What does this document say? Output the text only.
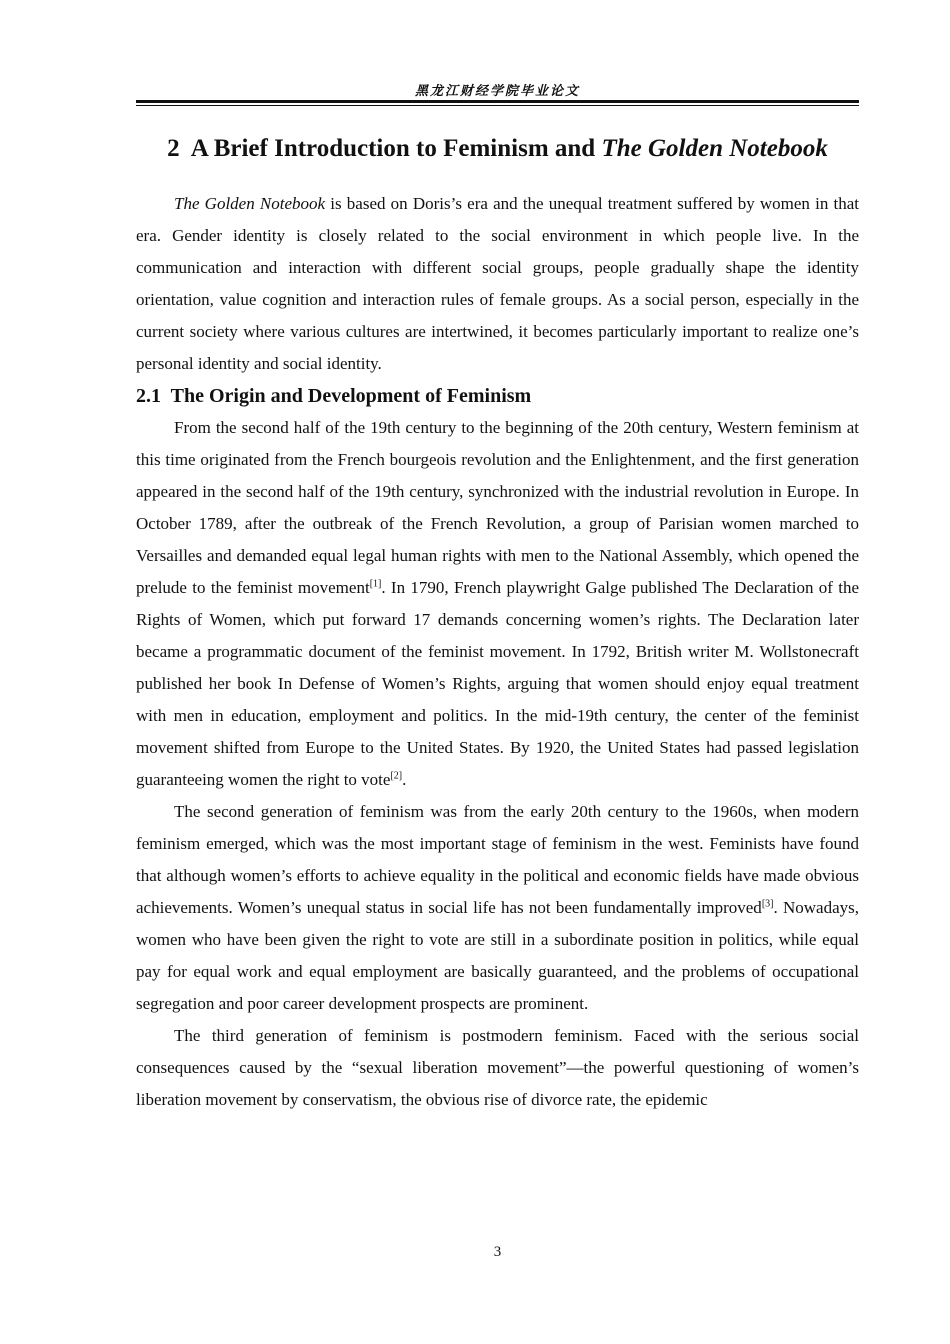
黑龙江财经学院毕业论文
2 A Brief Introduction to Feminism and The Golden Notebook

The Golden Notebook is based on Doris’s era and the unequal treatment suffered by women in that era. Gender identity is closely related to the social environment in which people live. In the communication and interaction with different social groups, people gradually shape the identity orientation, value cognition and interaction rules of female groups. As a social person, especially in the current society where various cultures are intertwined, it becomes particularly important to realize one’s personal identity and social identity.

2.1 The Origin and Development of Feminism

From the second half of the 19th century to the beginning of the 20th century, Western feminism at this time originated from the French bourgeois revolution and the Enlightenment, and the first generation appeared in the second half of the 19th century, synchronized with the industrial revolution in Europe. In October 1789, after the outbreak of the French Revolution, a group of Parisian women marched to Versailles and demanded equal legal human rights with men to the National Assembly, which opened the prelude to the feminist movement[1]. In 1790, French playwright Galge published The Declaration of the Rights of Women, which put forward 17 demands concerning women’s rights. The Declaration later became a programmatic document of the feminist movement. In 1792, British writer M. Wollstonecraft published her book In Defense of Women’s Rights, arguing that women should enjoy equal treatment with men in education, employment and politics. In the mid-19th century, the center of the feminist movement shifted from Europe to the United States. By 1920, the United States had passed legislation guaranteeing women the right to vote[2].

The second generation of feminism was from the early 20th century to the 1960s, when modern feminism emerged, which was the most important stage of feminism in the west. Feminists have found that although women’s efforts to achieve equality in the political and economic fields have made obvious achievements. Women’s unequal status in social life has not been fundamentally improved[3]. Nowadays, women who have been given the right to vote are still in a subordinate position in politics, while equal pay for equal work and equal employment are basically guaranteed, and the problems of occupational segregation and poor career development prospects are prominent.

The third generation of feminism is postmodern feminism. Faced with the serious social consequences caused by the “sexual liberation movement”—the powerful questioning of women’s liberation movement by conservatism, the obvious rise of divorce rate, the epidemic

3
